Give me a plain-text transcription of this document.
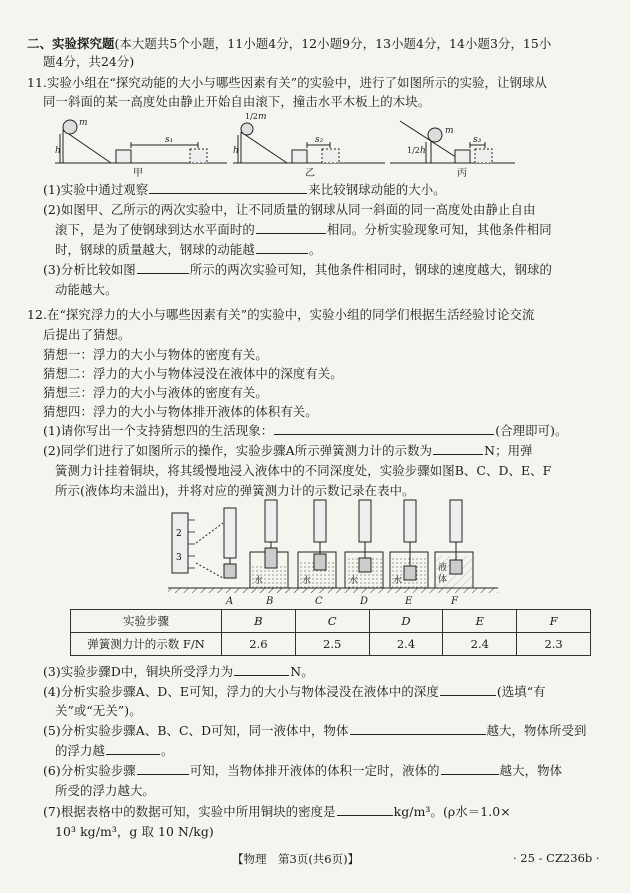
二、实验探究题(本大题共5个小题，11小题4分，12小题9分，13小题4分，14小题3分，15小
题4分，共24分)
11.实验小组在“探究动能的大小与哪些因素有关”的实验中，进行了如图所示的实验，让钢球从
同一斜面的某一高度处由静止开始自由滚下，撞击水平木板上的木块。
m
h
s₁
1/2 m
h
s₂
m
1/2 h
s₃
甲	乙	丙
(1)实验中通过观察	来比较钢球动能的大小。
(2)如图甲、乙所示的两次实验中，让不同质量的钢球从同一斜面的同一高度处由静止自由
滚下，是为了使钢球到达水平面时的	相同。分析实验现象可知，其他条件相同
时，钢球的质量越大，钢球的动能越	。
(3)分析比较如图	所示的两次实验可知，其他条件相同时，钢球的速度越大，钢球的
动能越大。
12.在“探究浮力的大小与哪些因素有关”的实验中，实验小组的同学们根据生活经验讨论交流
后提出了猜想。
猜想一：浮力的大小与物体的密度有关。
猜想二：浮力的大小与物体浸没在液体中的深度有关。
猜想三：浮力的大小与液体的密度有关。
猜想四：浮力的大小与物体排开液体的体积有关。
(1)请你写出一个支持猜想四的生活现象：	(合理即可)。
(2)同学们进行了如图所示的操作，实验步骤A所示弹簧测力计的示数为	N；用弹
簧测力计挂着铜块，将其缓慢地浸入液体中的不同深度处，实验步骤如图B、C、D、E、F
所示(液体均未溢出)，并将对应的弹簧测力计的示数记录在表中。
2
3
水	水	水	水
液
体
A	B	C	D	E	F
实验步骤	B	C	D	E	F
弹簧测力计的示数 F/N	2.6	2.5	2.4	2.4	2.3
(3)实验步骤D中，铜块所受浮力为	N。
(4)分析实验步骤A、D、E可知，浮力的大小与物体浸没在液体中的深度	(选填“有
关”或“无关”)。
(5)分析实验步骤A、B、C、D可知，同一液体中，物体	越大，物体所受到
的浮力越	。
(6)分析实验步骤	可知，当物体排开液体的体积一定时，液体的	越大，物体
所受的浮力越大。
(7)根据表格中的数据可知，实验中所用铜块的密度是	kg/m³。(ρ水＝1.0×
10³ kg/m³，g 取 10 N/kg)
【物理　第3页(共6页)】	· 25 - CZ236b ·
